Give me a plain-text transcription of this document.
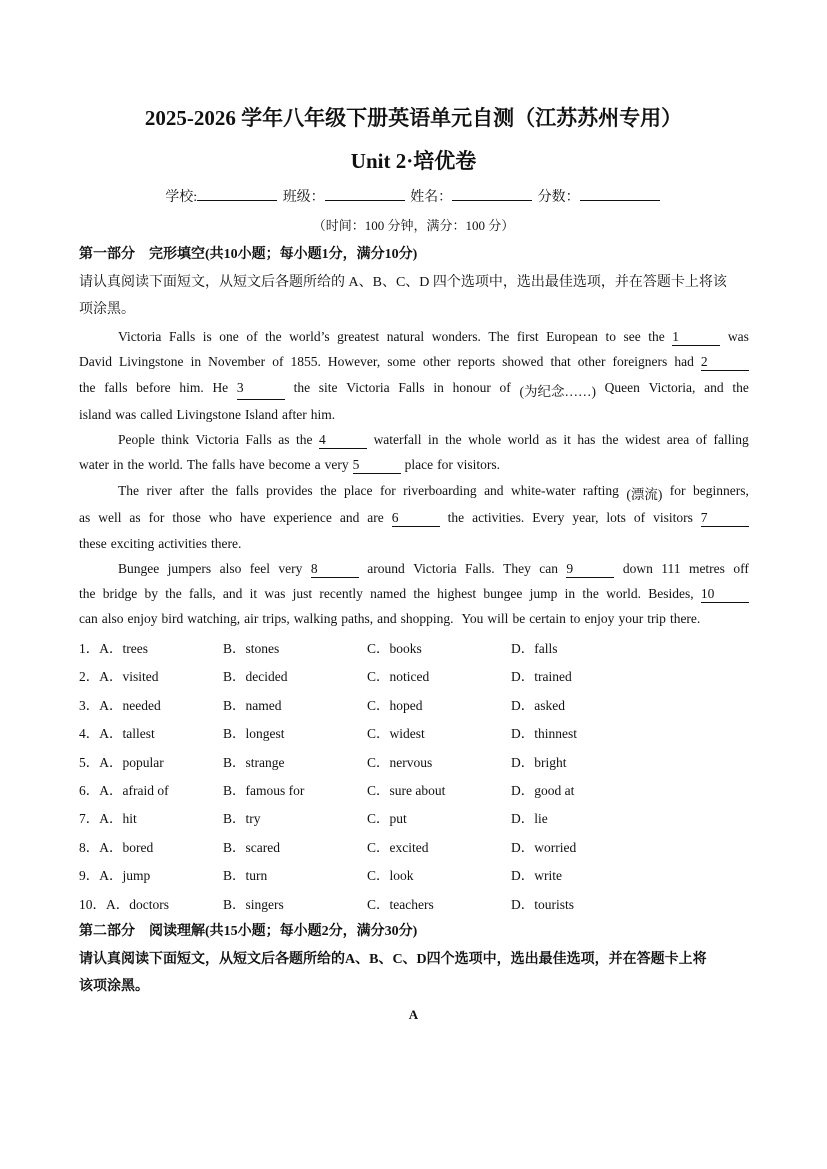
2025-2026 学年八年级下册英语单元自测（江苏苏州专用）
Unit 2·培优卷
学校:	班级：	姓名：	分数：
（时间：100 分钟，满分：100 分）
第一部分　完形填空(共10小题；每小题1分，满分10分)
请认真阅读下面短文，从短文后各题所给的 A、B、C、D 四个选项中，选出最佳选项，并在答题卡上将该
项涂黑。
Victoria Falls is one of the world’s greatest natural wonders. The first European to see the 1	was
David Livingstone in November of 1855. However, some other reports showed that other foreigners had 2
the falls before him. He 3	the site Victoria Falls in honour of (为纪念……) Queen Victoria, and the
island was called Livingstone Island after him.
People think Victoria Falls as the 4	waterfall in the whole world as it has the widest area of falling
water in the world. The falls have become a very 5	place for visitors.
The river after the falls provides the place for riverboarding and white-water rafting (漂流) for beginners,
as well as for those who have experience and are 6	the activities. Every year, lots of visitors 7
these exciting activities there.
Bungee jumpers also feel very 8	around Victoria Falls. They can 9	down 111 metres off
the bridge by the falls, and it was just recently named the highest bungee jump in the world. Besides, 10
can also enjoy bird watching, air trips, walking paths, and shopping. You will be certain to enjoy your trip there.
1．A．trees	B．stones	C．books	D．falls
2．A．visited	B．decided	C．noticed	D．trained
3．A．needed	B．named	C．hoped	D．asked
4．A．tallest	B．longest	C．widest	D．thinnest
5．A．popular	B．strange	C．nervous	D．bright
6．A．afraid of	B．famous for	C．sure about	D．good at
7．A．hit	B．try	C．put	D．lie
8．A．bored	B．scared	C．excited	D．worried
9．A．jump	B．turn	C．look	D．write
10．A．doctors	B．singers	C．teachers	D．tourists
第二部分　阅读理解(共15小题；每小题2分，满分30分)
请认真阅读下面短文，从短文后各题所给的A、B、C、D四个选项中，选出最佳选项，并在答题卡上将
该项涂黑。
A
